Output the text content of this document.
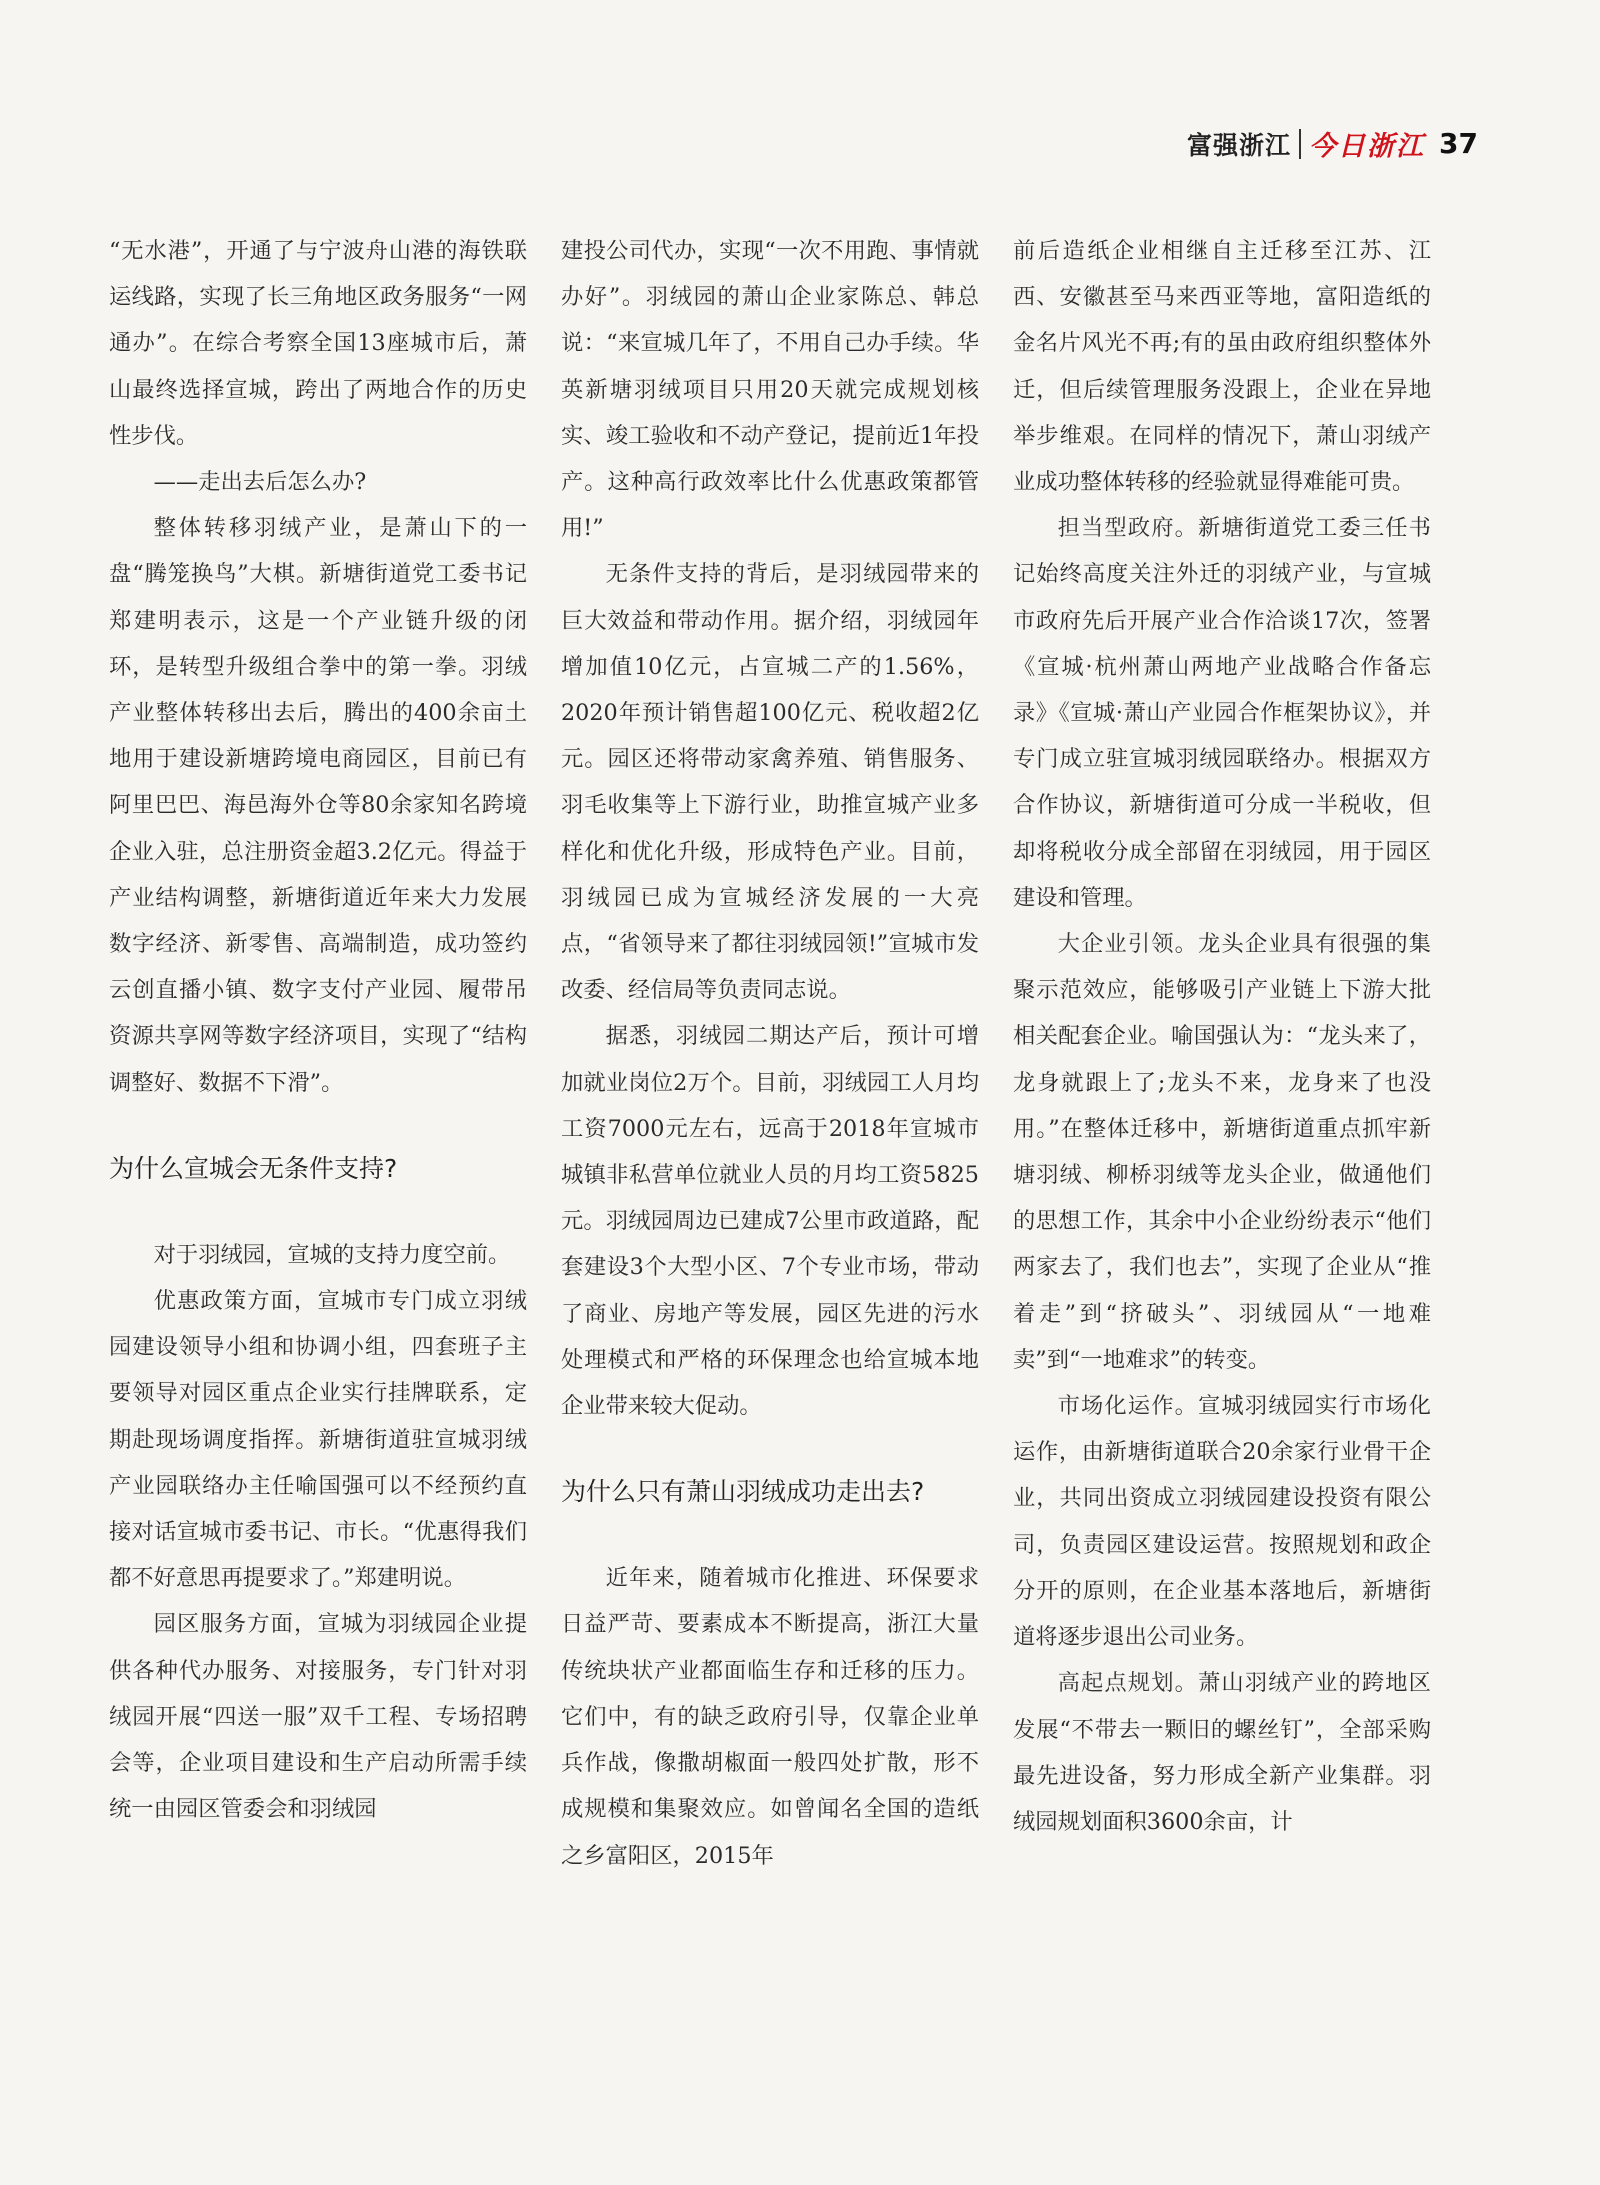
富强浙江 今日浙江 37

“无水港”，开通了与宁波舟山港的海铁联运线路，实现了长三角地区政务服务“一网通办”。在综合考察全国13座城市后，萧山最终选择宣城，跨出了两地合作的历史性步伐。

——走出去后怎么办?

整体转移羽绒产业，是萧山下的一盘“腾笼换鸟”大棋。新塘街道党工委书记郑建明表示，这是一个产业链升级的闭环，是转型升级组合拳中的第一拳。羽绒产业整体转移出去后，腾出的400余亩土地用于建设新塘跨境电商园区，目前已有阿里巴巴、海邑海外仓等80余家知名跨境企业入驻，总注册资金超3.2亿元。得益于产业结构调整，新塘街道近年来大力发展数字经济、新零售、高端制造，成功签约云创直播小镇、数字支付产业园、履带吊资源共享网等数字经济项目，实现了“结构调整好、数据不下滑”。

为什么宣城会无条件支持?

对于羽绒园，宣城的支持力度空前。

优惠政策方面，宣城市专门成立羽绒园建设领导小组和协调小组，四套班子主要领导对园区重点企业实行挂牌联系，定期赴现场调度指挥。新塘街道驻宣城羽绒产业园联络办主任喻国强可以不经预约直接对话宣城市委书记、市长。“优惠得我们都不好意思再提要求了。”郑建明说。

园区服务方面，宣城为羽绒园企业提供各种代办服务、对接服务，专门针对羽绒园开展“四送一服”双千工程、专场招聘会等，企业项目建设和生产启动所需手续统一由园区管委会和羽绒园

建投公司代办，实现“一次不用跑、事情就办好”。羽绒园的萧山企业家陈总、韩总说：“来宣城几年了，不用自己办手续。华英新塘羽绒项目只用20天就完成规划核实、竣工验收和不动产登记，提前近1年投产。这种高行政效率比什么优惠政策都管用!”

无条件支持的背后，是羽绒园带来的巨大效益和带动作用。据介绍，羽绒园年增加值10亿元，占宣城二产的1.56%，2020年预计销售超100亿元、税收超2亿元。园区还将带动家禽养殖、销售服务、羽毛收集等上下游行业，助推宣城产业多样化和优化升级，形成特色产业。目前，羽绒园已成为宣城经济发展的一大亮点，“省领导来了都往羽绒园领!”宣城市发改委、经信局等负责同志说。

据悉，羽绒园二期达产后，预计可增加就业岗位2万个。目前，羽绒园工人月均工资7000元左右，远高于2018年宣城市城镇非私营单位就业人员的月均工资5825元。羽绒园周边已建成7公里市政道路，配套建设3个大型小区、7个专业市场，带动了商业、房地产等发展，园区先进的污水处理模式和严格的环保理念也给宣城本地企业带来较大促动。

为什么只有萧山羽绒成功走出去?

近年来，随着城市化推进、环保要求日益严苛、要素成本不断提高，浙江大量传统块状产业都面临生存和迁移的压力。它们中，有的缺乏政府引导，仅靠企业单兵作战，像撒胡椒面一般四处扩散，形不成规模和集聚效应。如曾闻名全国的造纸之乡富阳区，2015年

前后造纸企业相继自主迁移至江苏、江西、安徽甚至马来西亚等地，富阳造纸的金名片风光不再;有的虽由政府组织整体外迁，但后续管理服务没跟上，企业在异地举步维艰。在同样的情况下，萧山羽绒产业成功整体转移的经验就显得难能可贵。

担当型政府。新塘街道党工委三任书记始终高度关注外迁的羽绒产业，与宣城市政府先后开展产业合作洽谈17次，签署《宣城·杭州萧山两地产业战略合作备忘录》《宣城·萧山产业园合作框架协议》，并专门成立驻宣城羽绒园联络办。根据双方合作协议，新塘街道可分成一半税收，但却将税收分成全部留在羽绒园，用于园区建设和管理。

大企业引领。龙头企业具有很强的集聚示范效应，能够吸引产业链上下游大批相关配套企业。喻国强认为：“龙头来了，龙身就跟上了;龙头不来，龙身来了也没用。”在整体迁移中，新塘街道重点抓牢新塘羽绒、柳桥羽绒等龙头企业，做通他们的思想工作，其余中小企业纷纷表示“他们两家去了，我们也去”，实现了企业从“推着走”到“挤破头”、羽绒园从“一地难卖”到“一地难求”的转变。

市场化运作。宣城羽绒园实行市场化运作，由新塘街道联合20余家行业骨干企业，共同出资成立羽绒园建设投资有限公司，负责园区建设运营。按照规划和政企分开的原则，在企业基本落地后，新塘街道将逐步退出公司业务。

高起点规划。萧山羽绒产业的跨地区发展“不带去一颗旧的螺丝钉”，全部采购最先进设备，努力形成全新产业集群。羽绒园规划面积3600余亩，计
